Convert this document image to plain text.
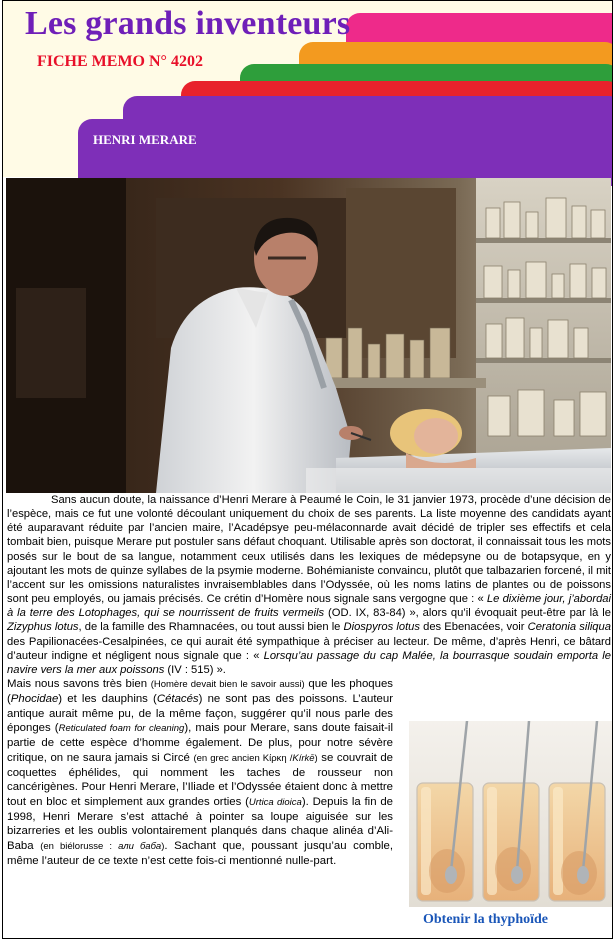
Les grands inventeurs
FICHE MEMO N° 4202
HENRI MERARE

Sans aucun doute, la naissance d’Henri Merare à Peaumé le Coin, le 31 janvier 1973, procède d’une décision de l’espèce, mais ce fut une volonté découlant uniquement du choix de ses parents. La liste moyenne des candidats ayant été auparavant réduite par l’ancien maire, l’Acadépsye peu-mélaconnarde avait décidé de tripler ses effectifs et cela tombait bien, puisque Merare put postuler sans défaut choquant. Utilisable après son doctorat, il connaissait tous les mots posés sur le bout de sa langue, notamment ceux utilisés dans les lexiques de médepsyne ou de botapsyque, en y ajoutant les mots de quinze syllabes de la psymie moderne. Bohémianiste convaincu, plutôt que talbazarien forcené, il mit l’accent sur les omissions naturalistes invraisemblables dans l’Odyssée, où les noms latins de plantes ou de poissons sont peu employés, ou jamais précisés. Ce crétin d’Homère nous signale sans vergogne que : « Le dixième jour, j’abordai à la terre des Lotophages, qui se nourrissent de fruits vermeils (OD. IX, 83-84) », alors qu’il évoquait peut-être par là le Zizyphus lotus, de la famille des Rhamnacées, ou tout aussi bien le Diospyros lotus des Ebenacées, voir Ceratonia siliqua des Papilionacées-Cesalpinées, ce qui aurait été sympathique à préciser au lecteur. De même, d’après Henri, ce bâtard d’auteur indigne et négligent nous signale que : « Lorsqu’au passage du cap Malée, la bourrasque soudain emporta le navire vers la mer aux poissons (IV : 515) ».

Mais nous savons très bien (Homère devait bien le savoir aussi) que les phoques (Phocidae) et les dauphins (Cétacés) ne sont pas des poissons. L’auteur antique aurait même pu, de la même façon, suggérer qu’il nous parle des éponges (Reticulated foam for cleaning), mais pour Merare, sans doute faisait-il partie de cette espèce d’homme également. De plus, pour notre sévère critique, on ne saura jamais si Circé (en grec ancien Κίρκη /Kírkē) se couvrait de coquettes éphélides, qui nomment les taches de rousseur non cancérigènes. Pour Henri Merare, l’Iliade et l’Odyssée étaient donc à mettre tout en bloc et simplement aux grandes orties (Urtica dioica). Depuis la fin de 1998, Henri Merare s’est attaché à pointer sa loupe aiguisée sur les bizarreries et les oublis volontairement planqués dans chaque alinéa d’Ali-Baba (en biélorusse : али баба). Sachant que, poussant jusqu’au comble, même l’auteur de ce texte n’est cette fois-ci mentionné nulle-part.

Obtenir la thyphoïde
